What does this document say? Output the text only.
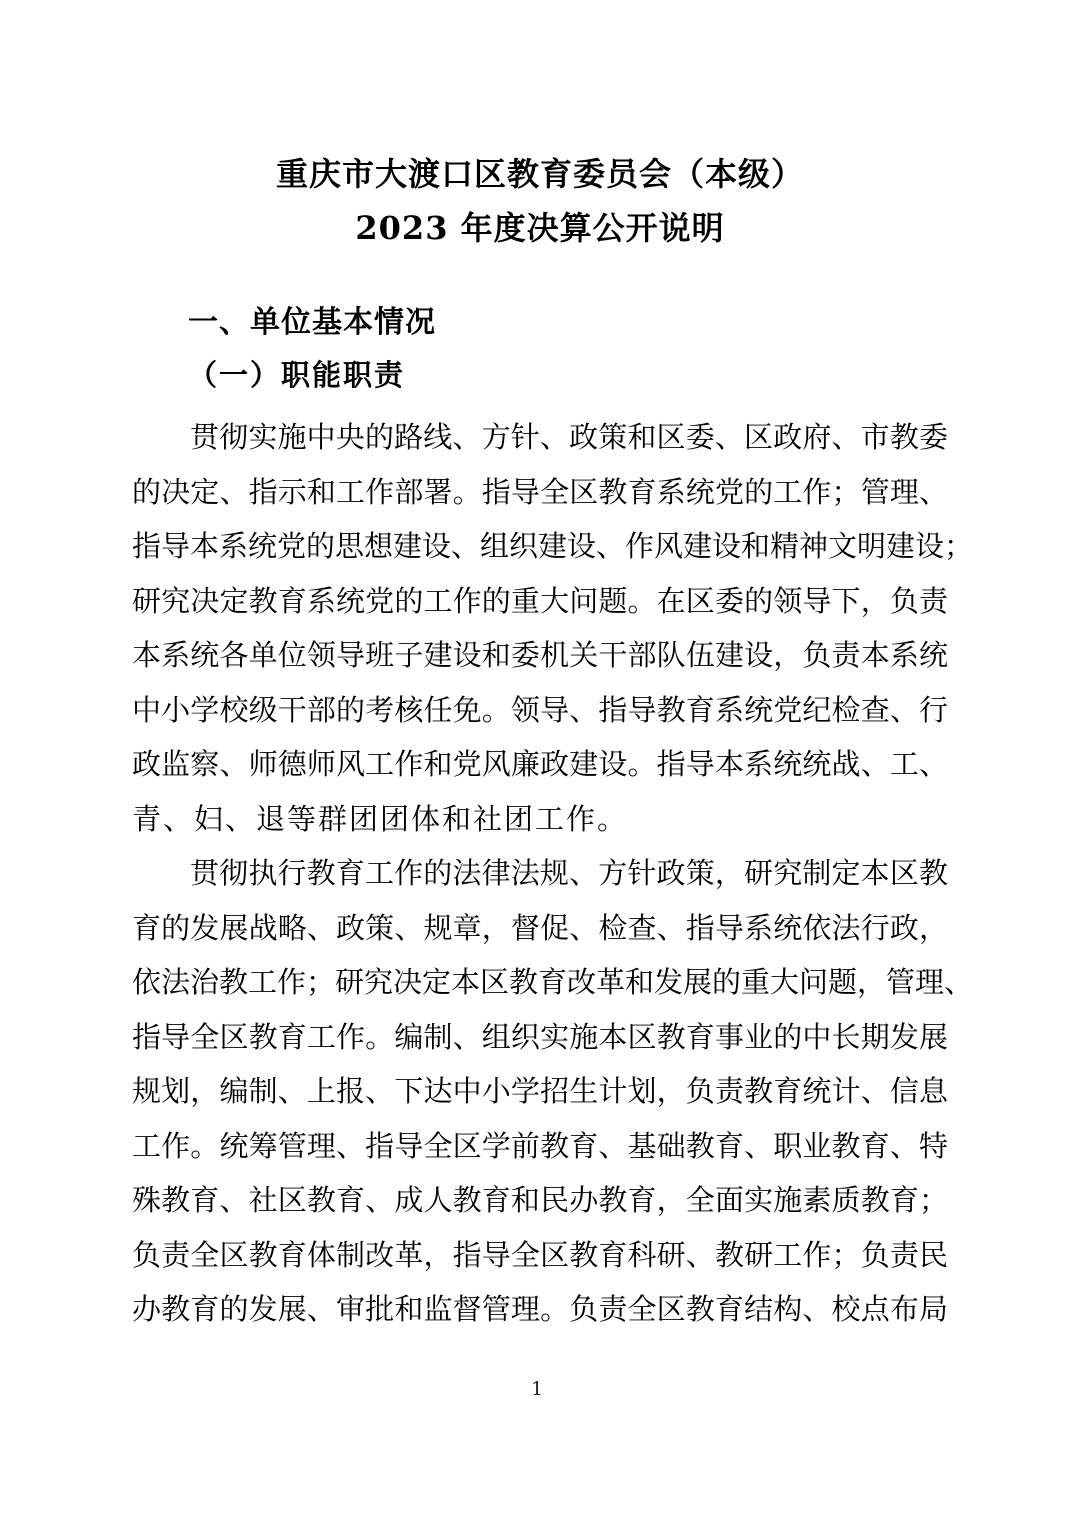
重庆市大渡口区教育委员会（本级）
2023 年度决算公开说明
一、单位基本情况
（一）职能职责
贯彻实施中央的路线、方针、政策和区委、区政府、市教委
的决定、指示和工作部署。指导全区教育系统党的工作；管理、
指导本系统党的思想建设、组织建设、作风建设和精神文明建设；
研究决定教育系统党的工作的重大问题。在区委的领导下，负责
本系统各单位领导班子建设和委机关干部队伍建设，负责本系统
中小学校级干部的考核任免。领导、指导教育系统党纪检查、行
政监察、师德师风工作和党风廉政建设。指导本系统统战、工、
青、妇、退等群团团体和社团工作。
贯彻执行教育工作的法律法规、方针政策，研究制定本区教
育的发展战略、政策、规章，督促、检查、指导系统依法行政，
依法治教工作；研究决定本区教育改革和发展的重大问题，管理、
指导全区教育工作。编制、组织实施本区教育事业的中长期发展
规划，编制、上报、下达中小学招生计划，负责教育统计、信息
工作。统筹管理、指导全区学前教育、基础教育、职业教育、特
殊教育、社区教育、成人教育和民办教育，全面实施素质教育；
负责全区教育体制改革，指导全区教育科研、教研工作；负责民
办教育的发展、审批和监督管理。负责全区教育结构、校点布局
1
